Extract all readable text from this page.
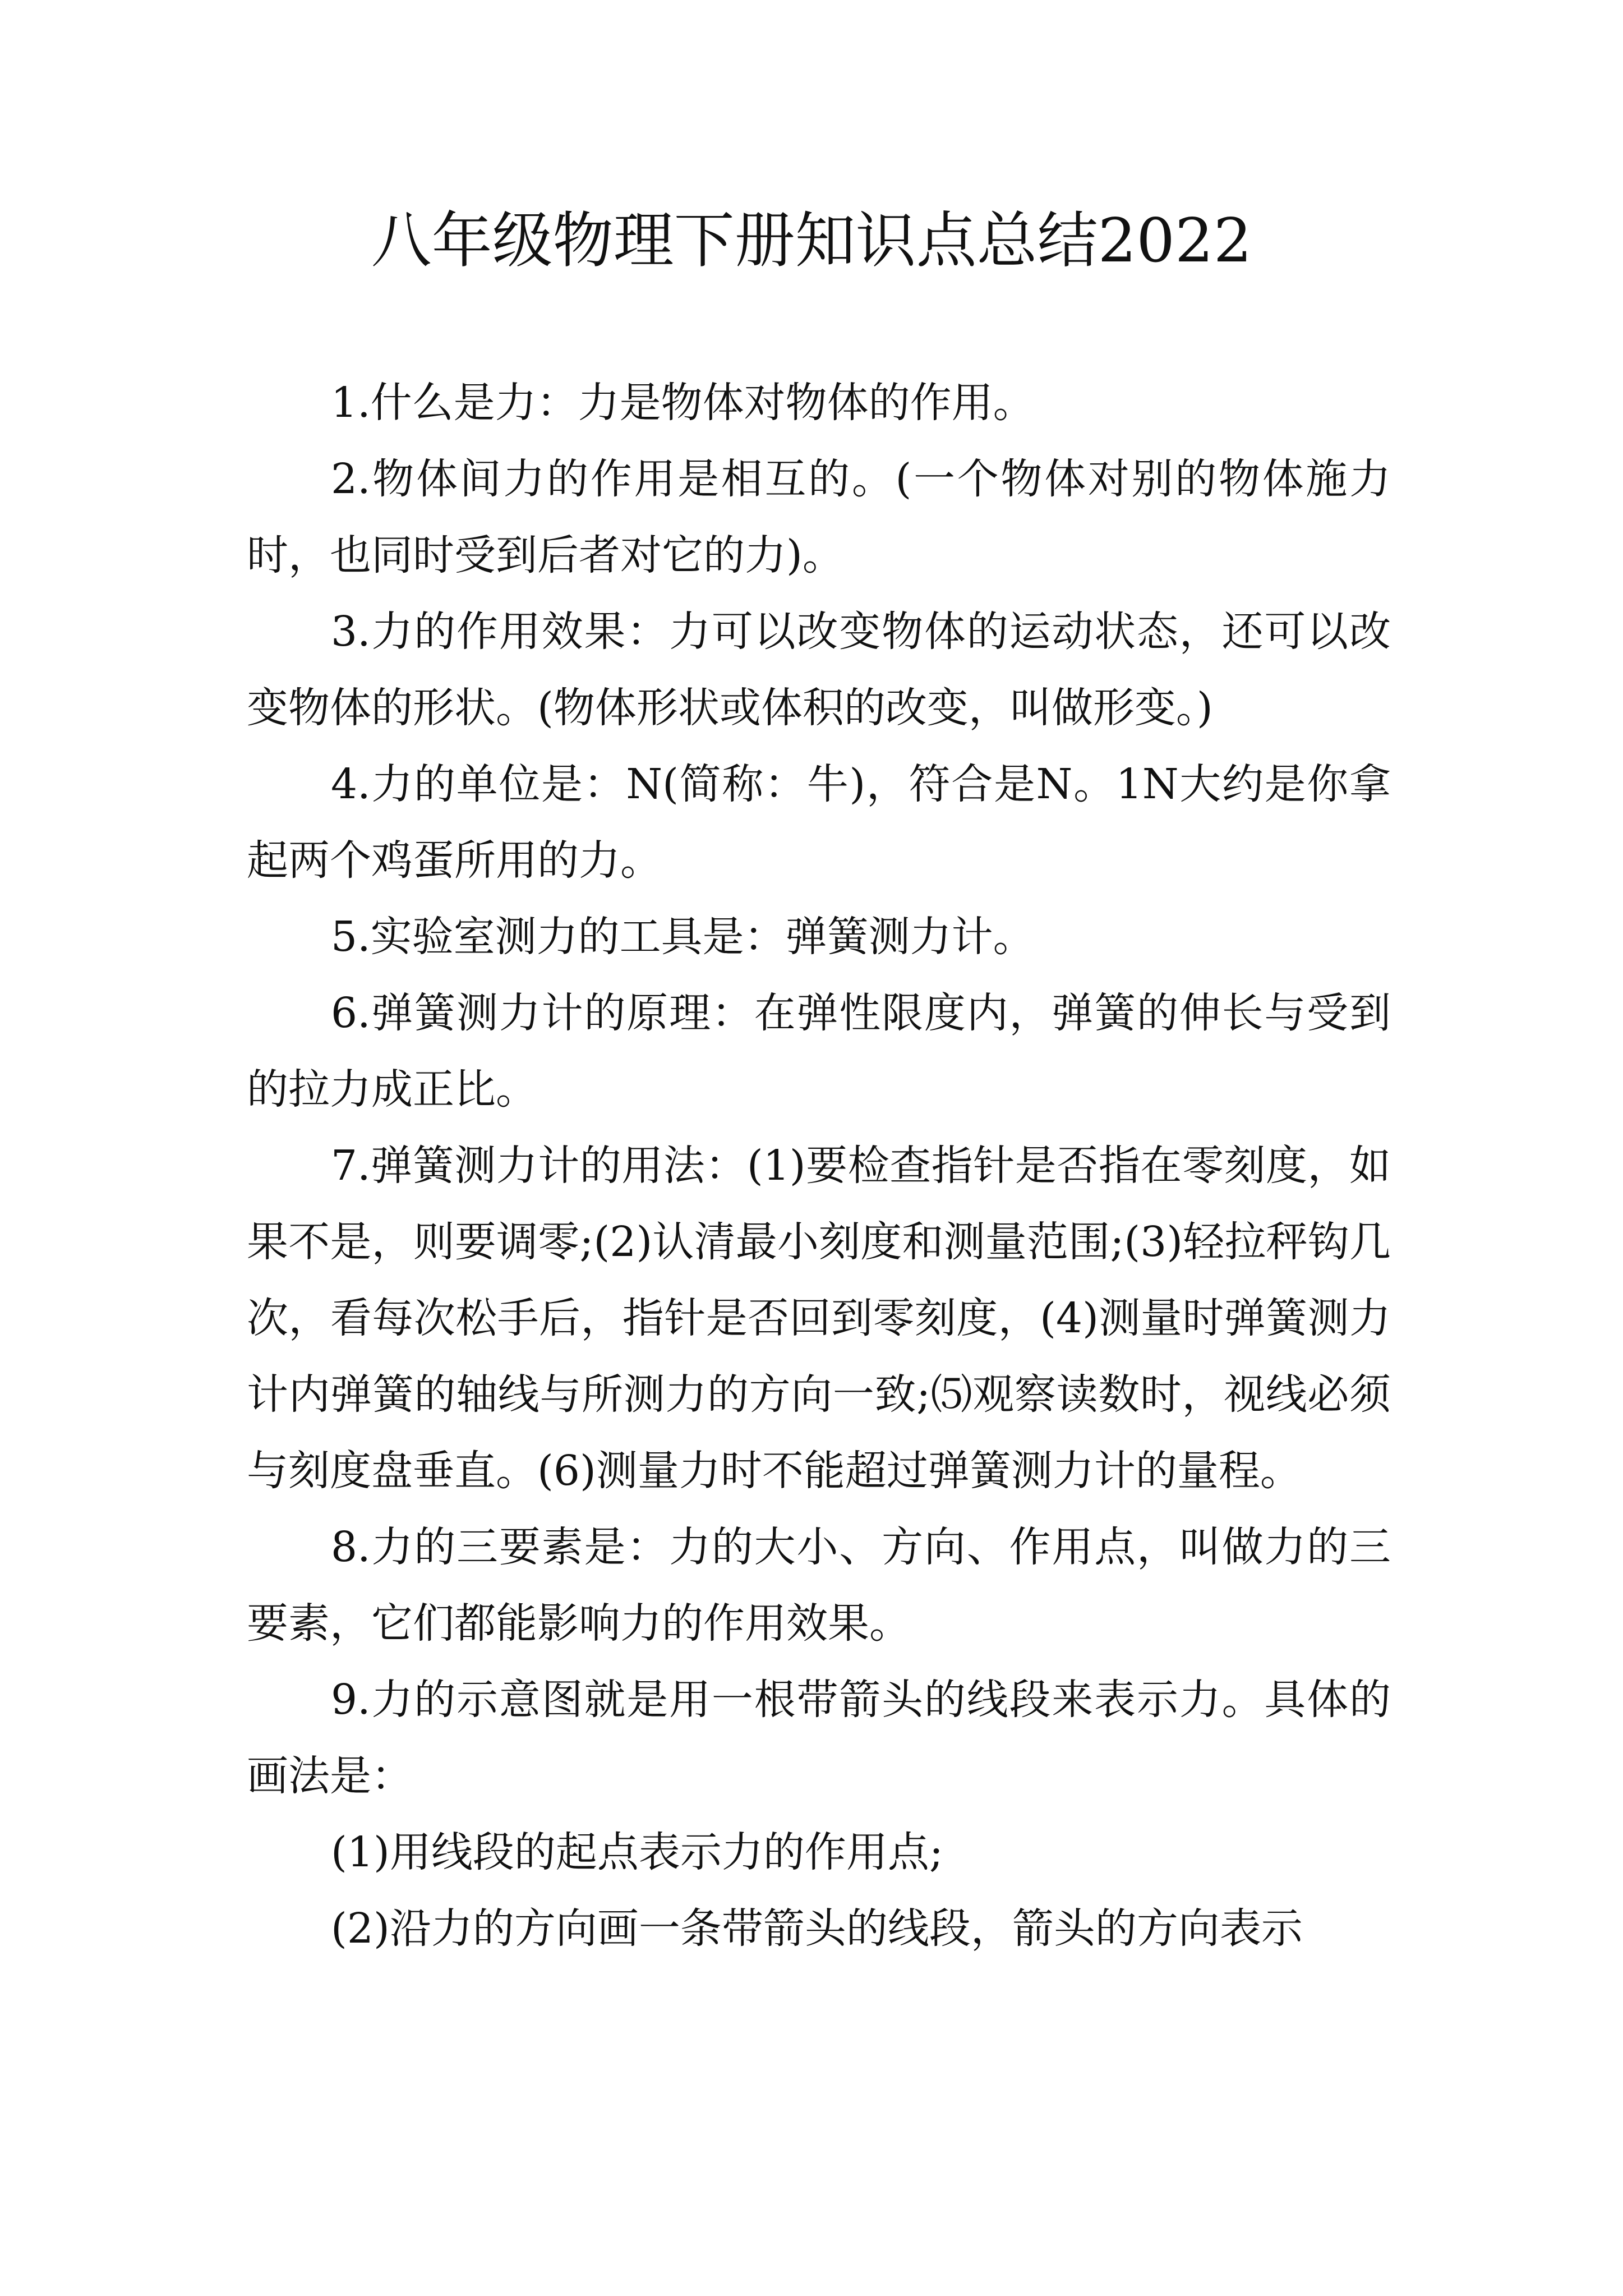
八年级物理下册知识点总结2022

1.什么是力：力是物体对物体的作用。

2.物体间力的作用是相互的。(一个物体对别的物体施力时，也同时受到后者对它的力)。

3.力的作用效果：力可以改变物体的运动状态，还可以改变物体的形状。(物体形状或体积的改变，叫做形变。)

4.力的单位是：N(简称：牛)，符合是N。1N大约是你拿起两个鸡蛋所用的力。

5.实验室测力的工具是：弹簧测力计。

6.弹簧测力计的原理：在弹性限度内，弹簧的伸长与受到的拉力成正比。

7.弹簧测力计的用法：(1)要检查指针是否指在零刻度，如果不是，则要调零;(2)认清最小刻度和测量范围;(3)轻拉秤钩几次，看每次松手后，指针是否回到零刻度，(4)测量时弹簧测力计内弹簧的轴线与所测力的方向一致;⑸观察读数时，视线必须与刻度盘垂直。(6)测量力时不能超过弹簧测力计的量程。

8.力的三要素是：力的大小、方向、作用点，叫做力的三要素，它们都能影响力的作用效果。

9.力的示意图就是用一根带箭头的线段来表示力。具体的画法是：

(1)用线段的起点表示力的作用点;

(2)沿力的方向画一条带箭头的线段，箭头的方向表示
